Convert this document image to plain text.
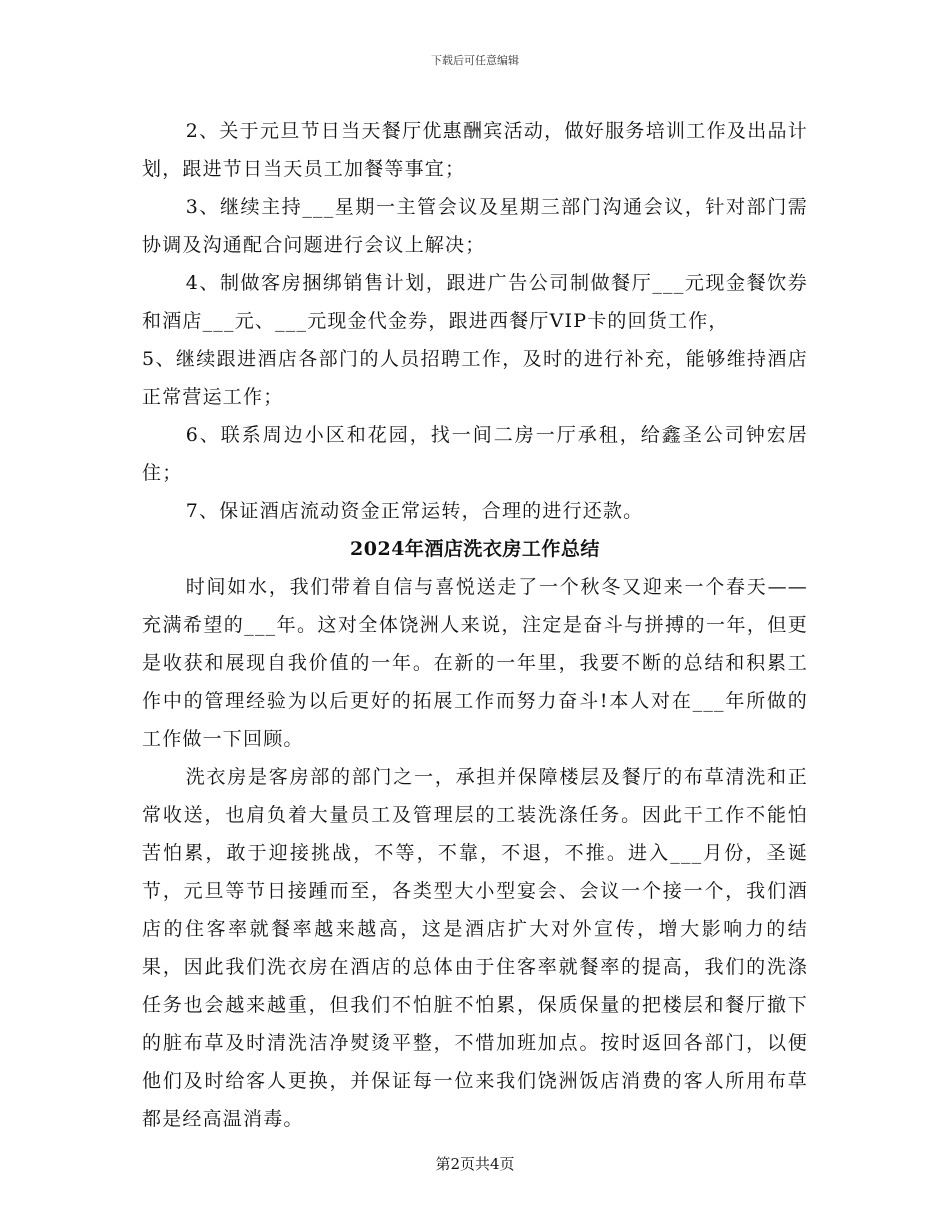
下载后可任意编辑

2、关于元旦节日当天餐厅优惠酬宾活动，做好服务培训工作及出品计划，跟进节日当天员工加餐等事宜；

3、继续主持___星期一主管会议及星期三部门沟通会议，针对部门需协调及沟通配合问题进行会议上解决；

4、制做客房捆绑销售计划，跟进广告公司制做餐厅___元现金餐饮券和酒店___元、___元现金代金券，跟进西餐厅VIP卡的回货工作，

5、继续跟进酒店各部门的人员招聘工作，及时的进行补充，能够维持酒店正常营运工作；

6、联系周边小区和花园，找一间二房一厅承租，给鑫圣公司钟宏居住；

7、保证酒店流动资金正常运转，合理的进行还款。

2024年酒店洗衣房工作总结

时间如水，我们带着自信与喜悦送走了一个秋冬又迎来一个春天——充满希望的___年。这对全体饶洲人来说，注定是奋斗与拼搏的一年，但更是收获和展现自我价值的一年。在新的一年里，我要不断的总结和积累工作中的管理经验为以后更好的拓展工作而努力奋斗!本人对在___年所做的工作做一下回顾。

洗衣房是客房部的部门之一，承担并保障楼层及餐厅的布草清洗和正常收送，也肩负着大量员工及管理层的工装洗涤任务。因此干工作不能怕苦怕累，敢于迎接挑战，不等，不靠，不退，不推。进入___月份，圣诞节，元旦等节日接踵而至，各类型大小型宴会、会议一个接一个，我们酒店的住客率就餐率越来越高，这是酒店扩大对外宣传，增大影响力的结果，因此我们洗衣房在酒店的总体由于住客率就餐率的提高，我们的洗涤任务也会越来越重，但我们不怕脏不怕累，保质保量的把楼层和餐厅撤下的脏布草及时清洗洁净熨烫平整，不惜加班加点。按时返回各部门，以便他们及时给客人更换，并保证每一位来我们饶洲饭店消费的客人所用布草都是经高温消毒。

第2页共4页
